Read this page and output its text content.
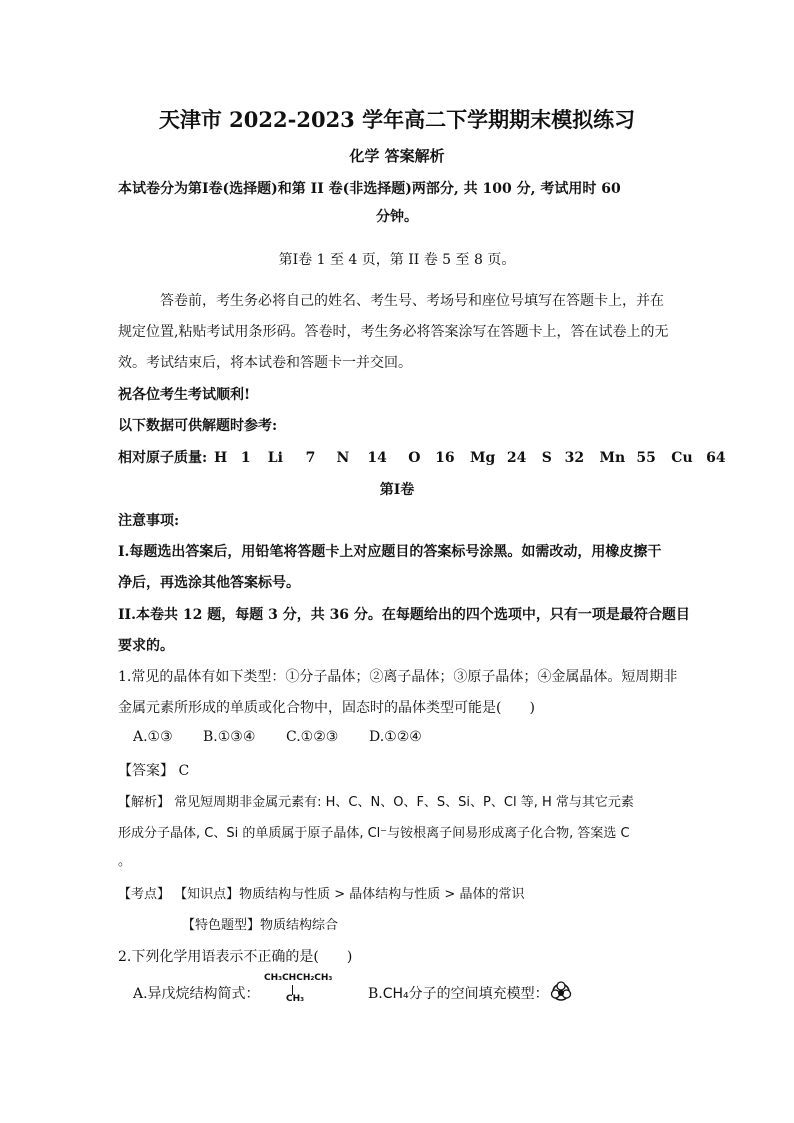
天津市 2022-2023 学年高二下学期期末模拟练习
化学 答案解析
本试卷分为第Ⅰ卷(选择题)和第 II 卷(非选择题)两部分, 共 100 分, 考试用时 60
分钟。
第Ⅰ卷 1 至 4 页，第 II 卷 5 至 8 页。
答卷前，考生务必将自己的姓名、考生号、考场号和座位号填写在答题卡上，并在
规定位置,粘贴考试用条形码。答卷时，考生务必将答案涂写在答题卡上，答在试卷上的无
效。考试结束后，将本试卷和答题卡一并交回。
祝各位考生考试顺利!
以下数据可供解题时参考:
相对原子质量: H 1 Li 7 N 14 O 16 Mg 24 S 32 Mn 55 Cu 64
第Ⅰ卷
注意事项:
I.每题选出答案后，用铅笔将答题卡上对应题目的答案标号涂黑。如需改动，用橡皮擦干
净后，再选涂其他答案标号。
II.本卷共 12 题，每题 3 分，共 36 分。在每题给出的四个选项中，只有一项是最符合题目
要求的。
1.常见的晶体有如下类型：①分子晶体；②离子晶体；③原子晶体；④金属晶体。短周期非
金属元素所形成的单质或化合物中，固态时的晶体类型可能是(　　)
A.①③ B.①③④ C.①②③ D.①②④
【答案】 C
【解析】 常见短周期非金属元素有: H、C、N、O、F、S、Si、P、Cl 等, H 常与其它元素
形成分子晶体, C、Si 的单质属于原子晶体, Cl⁻与铵根离子间易形成离子化合物, 答案选 C
。
【考点】 【知识点】物质结构与性质 > 晶体结构与性质 > 晶体的常识
【特色题型】物质结构综合
2.下列化学用语表示不正确的是(　　)
A.异戊烷结构简式：
CH₃CHCH₂CH₃
CH₃	B.CH₄分子的空间填充模型：
